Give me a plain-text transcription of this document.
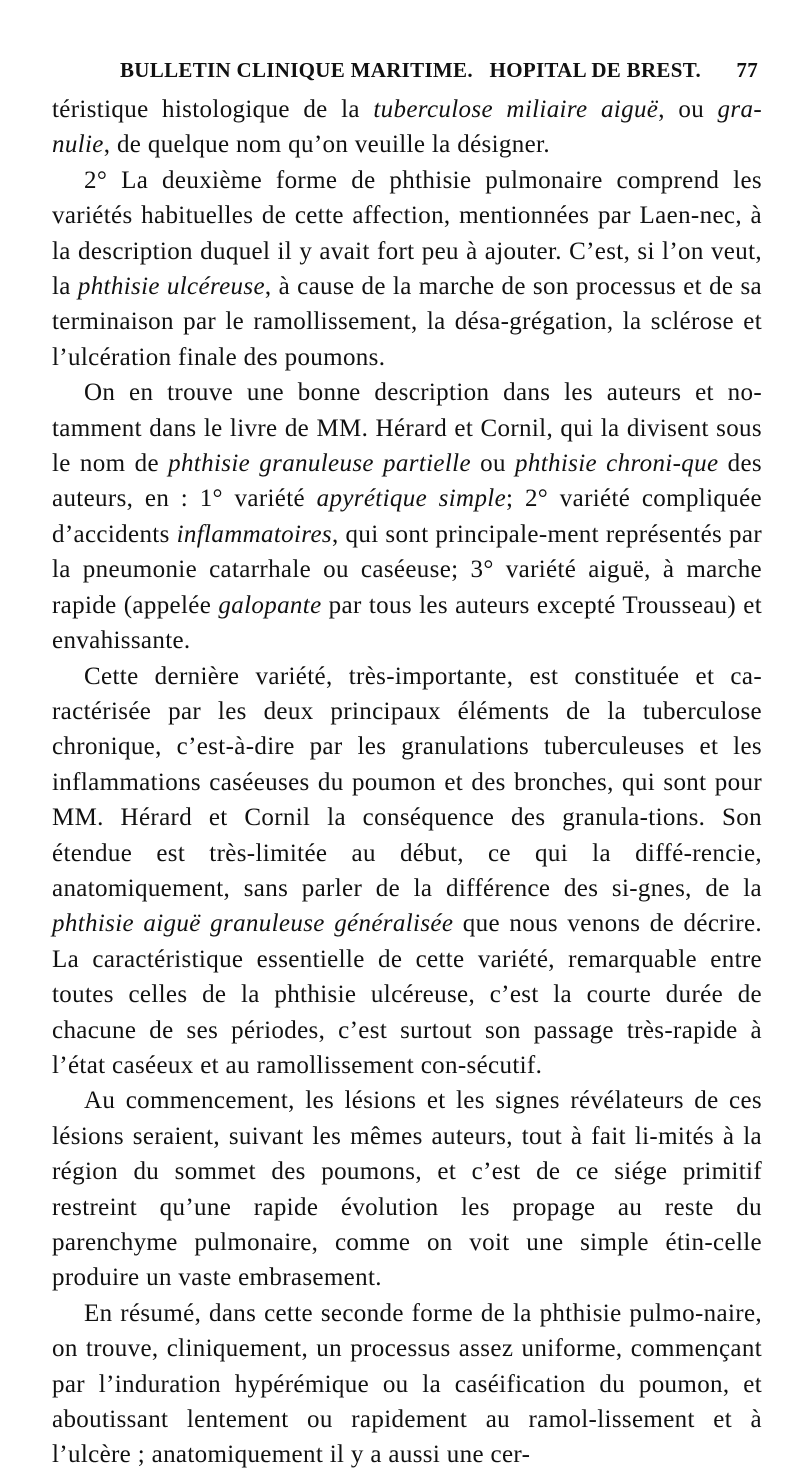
BULLETIN CLINIQUE MARITIME.   HOPITAL DE BREST. 77

téristique histologique de la tuberculose miliaire aiguë, ou gra-nulie, de quelque nom qu’on veuille la désigner.

2° La deuxième forme de phthisie pulmonaire comprend les variétés habituelles de cette affection, mentionnées par Laen-nec, à la description duquel il y avait fort peu à ajouter. C’est, si l’on veut, la phthisie ulcéreuse, à cause de la marche de son processus et de sa terminaison par le ramollissement, la désa-grégation, la sclérose et l’ulcération finale des poumons.

On en trouve une bonne description dans les auteurs et no-tamment dans le livre de MM. Hérard et Cornil, qui la divisent sous le nom de phthisie granuleuse partielle ou phthisie chroni-que des auteurs, en : 1° variété apyrétique simple; 2° variété compliquée d’accidents inflammatoires, qui sont principale-ment représentés par la pneumonie catarrhale ou caséeuse; 3° variété aiguë, à marche rapide (appelée galopante par tous les auteurs excepté Trousseau) et envahissante.

Cette dernière variété, très-importante, est constituée et ca-ractérisée par les deux principaux éléments de la tuberculose chronique, c’est-à-dire par les granulations tuberculeuses et les inflammations caséeuses du poumon et des bronches, qui sont pour MM. Hérard et Cornil la conséquence des granula-tions. Son étendue est très-limitée au début, ce qui la diffé-rencie, anatomiquement, sans parler de la différence des si-gnes, de la phthisie aiguë granuleuse généralisée que nous venons de décrire. La caractéristique essentielle de cette variété, remarquable entre toutes celles de la phthisie ulcéreuse, c’est la courte durée de chacune de ses périodes, c’est surtout son passage très-rapide à l’état caséeux et au ramollissement con-sécutif.

Au commencement, les lésions et les signes révélateurs de ces lésions seraient, suivant les mêmes auteurs, tout à fait li-mités à la région du sommet des poumons, et c’est de ce siége primitif restreint qu’une rapide évolution les propage au reste du parenchyme pulmonaire, comme on voit une simple étin-celle produire un vaste embrasement.

En résumé, dans cette seconde forme de la phthisie pulmo-naire, on trouve, cliniquement, un processus assez uniforme, commençant par l’induration hypérémique ou la caséification du poumon, et aboutissant lentement ou rapidement au ramol-lissement et à l’ulcère ; anatomiquement il y a aussi une cer-
